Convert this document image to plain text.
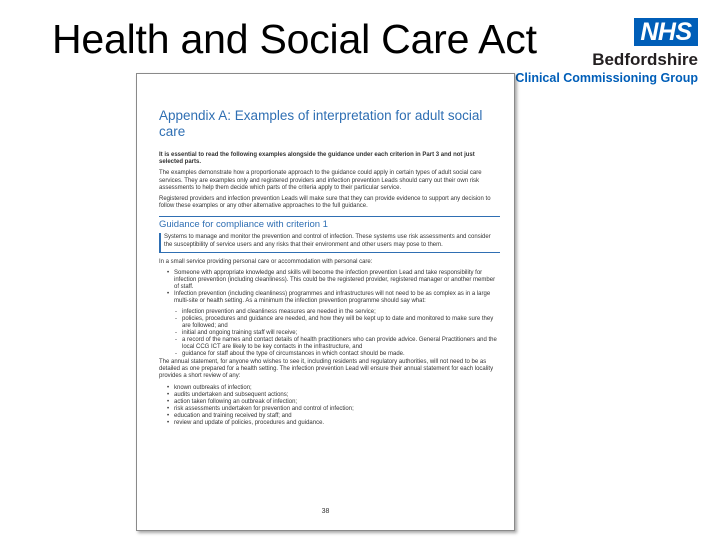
Health and Social Care Act	NHS
Bedfordshire
Clinical Commissioning Group
Appendix A: Examples of interpretation for adult social care

It is essential to read the following examples alongside the guidance under each criterion in Part 3 and not just selected parts.

The examples demonstrate how a proportionate approach to the guidance could apply in certain types of adult social care services. They are examples only and registered providers and infection prevention Leads should carry out their own risk assessments to help them decide which parts of the criteria apply to their particular service.

Registered providers and infection prevention Leads will make sure that they can provide evidence to support any decision to follow these examples or any other alternative approaches to the full guidance.

Guidance for compliance with criterion 1
Systems to manage and monitor the prevention and control of infection. These systems use risk assessments and consider the susceptibility of service users and any risks that their environment and other users may pose to them.

In a small service providing personal care or accommodation with personal care:

• Someone with appropriate knowledge and skills will become the infection prevention Lead and take responsibility for infection prevention (including cleanliness). This could be the registered provider, registered manager or another member of staff.
• Infection prevention (including cleanliness) programmes and infrastructures will not need to be as complex as in a large multi-site or health setting. As a minimum the infection prevention programme should say what:
- infection prevention and cleanliness measures are needed in the service;
- policies, procedures and guidance are needed, and how they will be kept up to date and monitored to make sure they are followed; and
- initial and ongoing training staff will receive;
- a record of the names and contact details of health practitioners who can provide advice. General Practitioners and the local CCG ICT are likely to be key contacts in the infrastructure, and
- guidance for staff about the type of circumstances in which contact should be made.

The annual statement, for anyone who wishes to see it, including residents and regulatory authorities, will not need to be as detailed as one prepared for a health setting. The infection prevention Lead will ensure their annual statement for each locality provides a short review of any:

• known outbreaks of infection;
• audits undertaken and subsequent actions;
• action taken following an outbreak of infection;
• risk assessments undertaken for prevention and control of infection;
• education and training received by staff; and
• review and update of policies, procedures and guidance.
38
